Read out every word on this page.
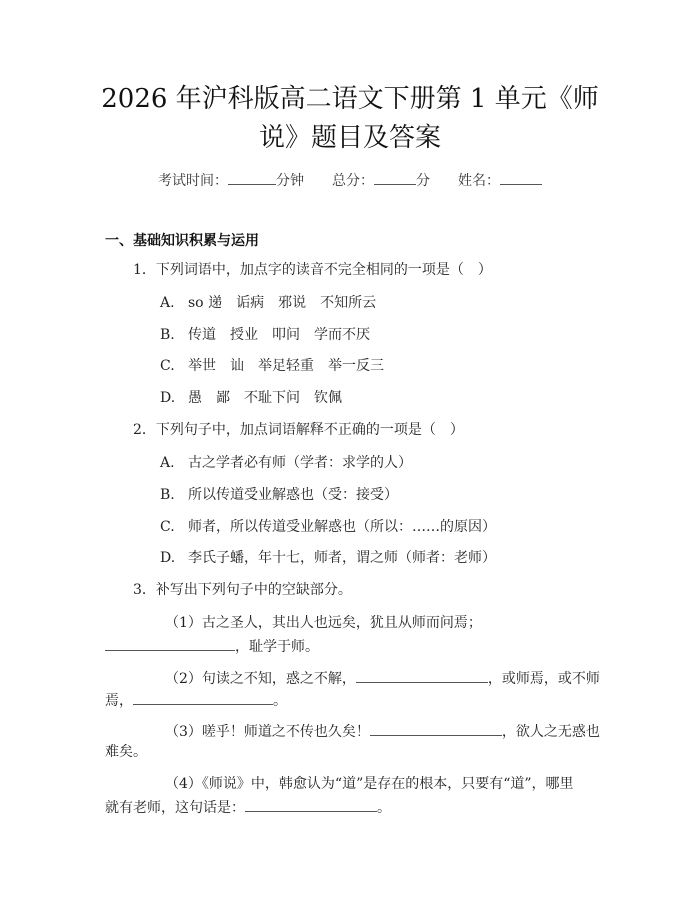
2026 年沪科版高二语文下册第 1 单元《师
说》题目及答案
考试时间：	分钟 总分：	分 姓名：
一、基础知识积累与运用
1．下列词语中，加点字的读音不完全相同的一项是（　）
A. so 递　诟病　邪说　不知所云
B. 传道　授业　叩问　学而不厌
C. 举世　讪　举足轻重　举一反三
D. 愚　鄙　不耻下问　钦佩
2．下列句子中，加点词语解释不正确的一项是（　）
A. 古之学者必有师（学者：求学的人）
B. 所以传道受业解惑也（受：接受）
C. 师者，所以传道受业解惑也（所以：……的原因）
D. 李氏子蟠，年十七，师者，谓之师（师者：老师）
3．补写出下列句子中的空缺部分。
（1）古之圣人，其出人也远矣，犹且从师而问焉；
，耻学于师。
（2）句读之不知，惑之不解，	，或师焉，或不师
焉，	。
（3）嗟乎！师道之不传也久矣！	，欲人之无惑也
难矣。
（4）《师说》中，韩愈认为“道”是存在的根本，只要有“道”，哪里
就有老师，这句话是：	。
